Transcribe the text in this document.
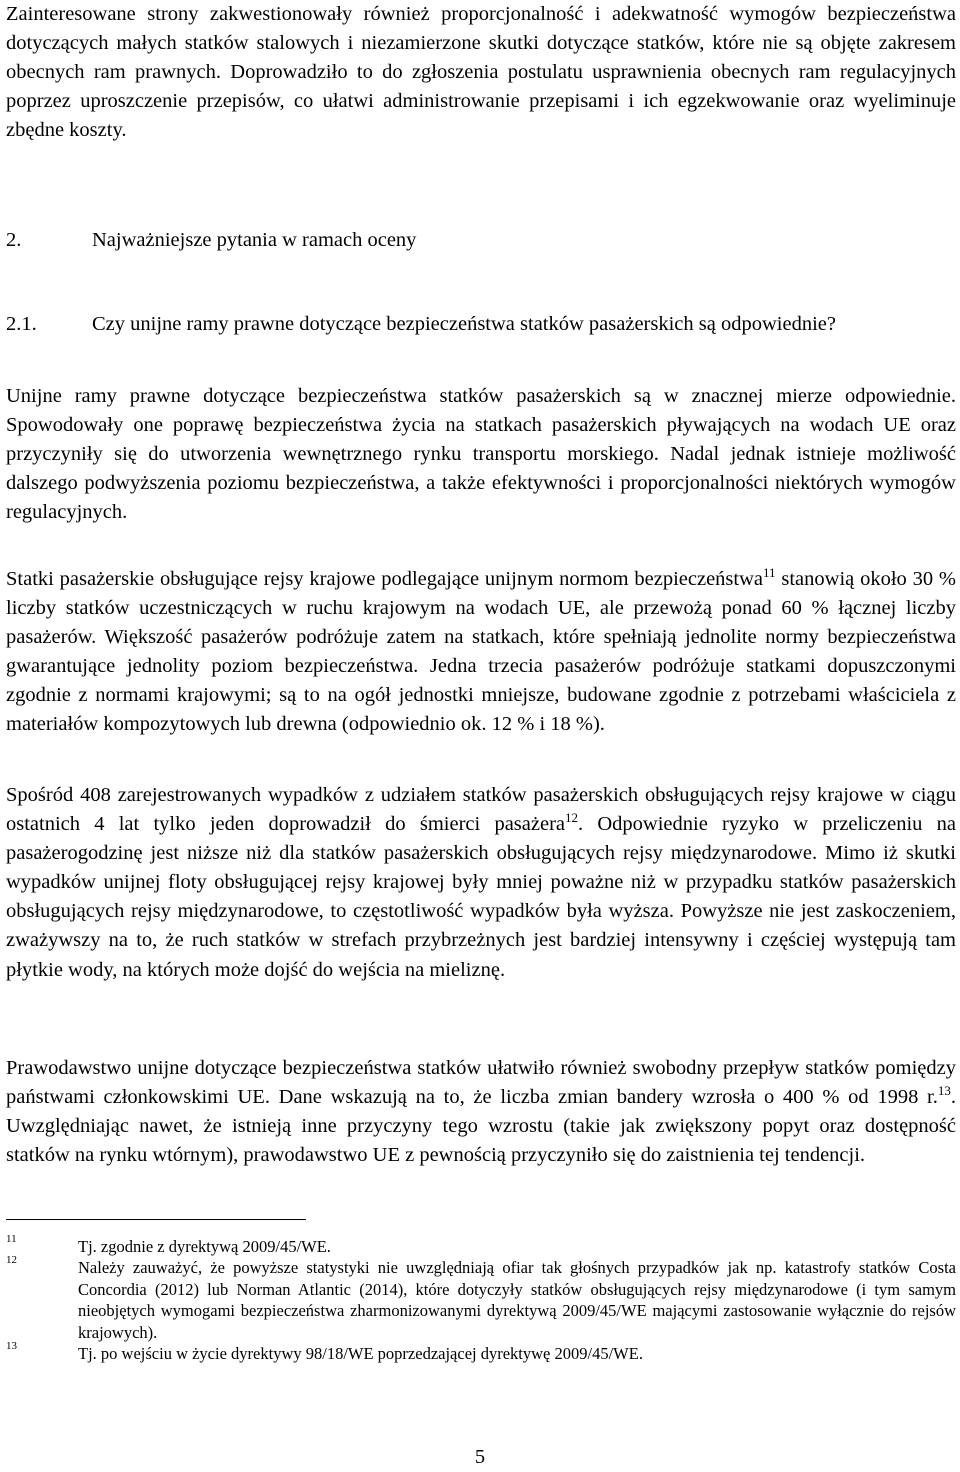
Zainteresowane strony zakwestionowały również proporcjonalność i adekwatność wymogów bezpieczeństwa dotyczących małych statków stalowych i niezamierzone skutki dotyczące statków, które nie są objęte zakresem obecnych ram prawnych. Doprowadziło to do zgłoszenia postulatu usprawnienia obecnych ram regulacyjnych poprzez uproszczenie przepisów, co ułatwi administrowanie przepisami i ich egzekwowanie oraz wyeliminuje zbędne koszty.

2.	Najważniejsze pytania w ramach oceny
2.1.	Czy unijne ramy prawne dotyczące bezpieczeństwa statków pasażerskich są odpowiednie?

Unijne ramy prawne dotyczące bezpieczeństwa statków pasażerskich są w znacznej mierze odpowiednie. Spowodowały one poprawę bezpieczeństwa życia na statkach pasażerskich pływających na wodach UE oraz przyczyniły się do utworzenia wewnętrznego rynku transportu morskiego. Nadal jednak istnieje możliwość dalszego podwyższenia poziomu bezpieczeństwa, a także efektywności i proporcjonalności niektórych wymogów regulacyjnych.

Statki pasażerskie obsługujące rejsy krajowe podlegające unijnym normom bezpieczeństwa$^{11}$ stanowią około 30 % liczby statków uczestniczących w ruchu krajowym na wodach UE, ale przewożą ponad 60 % łącznej liczby pasażerów. Większość pasażerów podróżuje zatem na statkach, które spełniają jednolite normy bezpieczeństwa gwarantujące jednolity poziom bezpieczeństwa. Jedna trzecia pasażerów podróżuje statkami dopuszczonymi zgodnie z normami krajowymi; są to na ogół jednostki mniejsze, budowane zgodnie z potrzebami właściciela z materiałów kompozytowych lub drewna (odpowiednio ok. 12 % i 18 %).

Spośród 408 zarejestrowanych wypadków z udziałem statków pasażerskich obsługujących rejsy krajowe w ciągu ostatnich 4 lat tylko jeden doprowadził do śmierci pasażera$^{12}$. Odpowiednie ryzyko w przeliczeniu na pasażerogodzinę jest niższe niż dla statków pasażerskich obsługujących rejsy międzynarodowe. Mimo iż skutki wypadków unijnej floty obsługującej rejsy krajowej były mniej poważne niż w przypadku statków pasażerskich obsługujących rejsy międzynarodowe, to częstotliwość wypadków była wyższa. Powyższe nie jest zaskoczeniem, zważywszy na to, że ruch statków w strefach przybrzeżnych jest bardziej intensywny i częściej występują tam płytkie wody, na których może dojść do wejścia na mieliznę.

Prawodawstwo unijne dotyczące bezpieczeństwa statków ułatwiło również swobodny przepływ statków pomiędzy państwami członkowskimi UE. Dane wskazują na to, że liczba zmian bandery wzrosła o 400 % od 1998 r.$^{13}$. Uwzględniając nawet, że istnieją inne przyczyny tego wzrostu (takie jak zwiększony popyt oraz dostępność statków na rynku wtórnym), prawodawstwo UE z pewnością przyczyniło się do zaistnienia tej tendencji.

11	Tj. zgodnie z dyrektywą 2009/45/WE.
12	Należy zauważyć, że powyższe statystyki nie uwzględniają ofiar tak głośnych przypadków jak np. katastrofy statków Costa Concordia (2012) lub Norman Atlantic (2014), które dotyczyły statków obsługujących rejsy międzynarodowe (i tym samym nieobjętych wymogami bezpieczeństwa zharmonizowanymi dyrektywą 2009/45/WE mającymi zastosowanie wyłącznie do rejsów krajowych).
13	Tj. po wejściu w życie dyrektywy 98/18/WE poprzedzającej dyrektywę 2009/45/WE.
5
